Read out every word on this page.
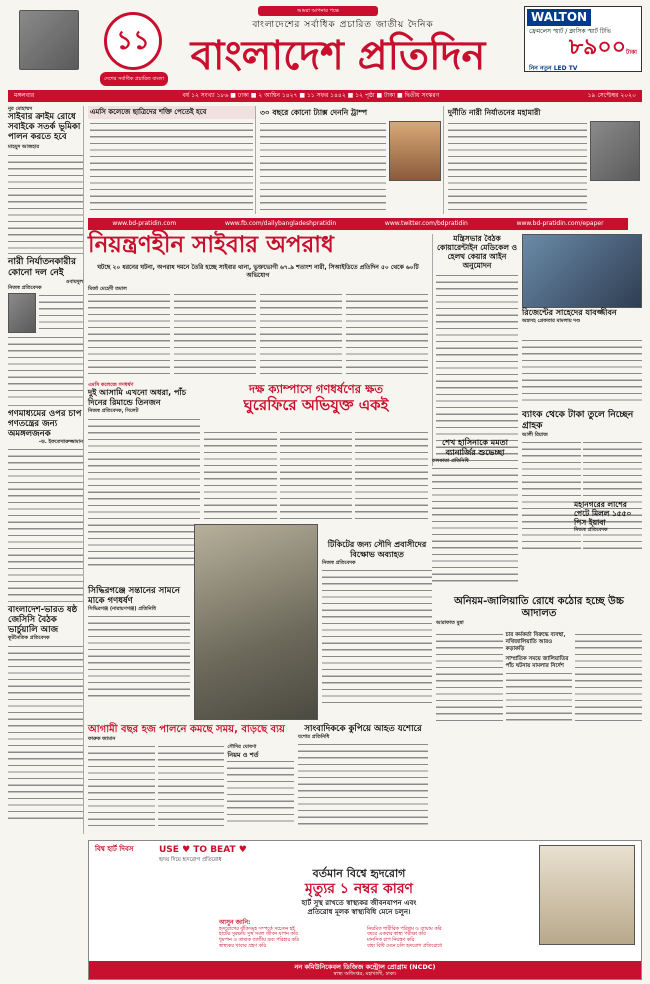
১১
দেশের সর্বাধিক প্রচারিত বাংলা
আমরা আপনার পক্ষে
বাংলাদেশের সর্বাধিক প্রচারিত জাতীয় দৈনিক
বাংলাদেশ প্রতিদিন
WALTON
ফ্রেমলেস স্মার্ট / ক্লাসিক স্মার্ট টিভি
৮৯০০টাকা
নিন নতুন LED TV
মঙ্গলবার	বর্ষ ১২ সংখ্যা ১৮৬ ■ ঢাকা ■ ২ আশ্বিন ১৪২৭ ■ ১১ সফর ১৪৪২ ■ ১২ পৃষ্ঠা ■ টাকা ■ দ্বিতীয় সংস্করণ	১৯ সেপ্টেম্বর ২০২০
নুর মোহাম্মদ
সাইবার ক্রাইম রোধে সবাইকে সতর্ক ভূমিকা পালন করতে হবে
মাহমুদ আজহার
নারী নির্যাতনকারীর কোনো দল নেই
ওবায়দুল
নিজস্ব প্রতিবেদক
গণমাধ্যমের ওপর চাপ গণতন্ত্রের জন্য অমঙ্গলজনক
–ড. ইফতেখারুজ্জামান
বাংলাদেশ-ভারত ষষ্ঠ জেসিসি বৈঠক ভার্চুয়ালি আজ
কূটনৈতিক প্রতিবেদক
এমসি কলেজে ছাত্রিদের শক্তি পেতেই হবে	৩০ বছরে কোনো ট্যাক্স দেননি ট্রাম্প	দুর্নীতি নারী নির্যাতনের মহামারী
www.bd-pratidin.com	www.fb.com/dailybangladeshpratidin	www.twitter.com/bdpratidin	www.bd-pratidin.com/epaper
নিয়ন্ত্রণহীন সাইবার অপরাধ
ঘটছে ২০ ধরনের ঘটনা, অপরাধ দমনে তৈরি হচ্ছে সাইবার থানা, ভুক্তভোগী ৬৭.৯ শতাংশ নারী, সিআইডিতে প্রতিদিন ৫০ থেকে ৬০টি অভিযোগ
মির্জা মেহেদী তমাল
মন্ত্রিসভার বৈঠক কোয়ারেন্টাইন মেডিকেল ও হেলথ কেয়ার আইন অনুমোদন
রিজেন্টের সাহেদের যাবজ্জীবন
অস্ত্রসহ গ্রেফতার মামলায় দণ্ড
ব্যাংক থেকে টাকা তুলে নিচ্ছেন গ্রাহক
আলী রিয়াজ
এমসি কলেজে গণধর্ষণ
দুই আসামি এখনো অধরা, পাঁচ দিনের রিমান্ডে তিনজন
নিজস্ব প্রতিবেদক, সিলেট
দক্ষ ক্যাম্পাসে গণধর্ষণের ক্ষত
ঘুরেফিরে অভিযুক্ত একই
শেখ হাসিনাকে মমতা ব্যানার্জির শুভেচ্ছা
কলকাতা প্রতিনিধি
সিদ্ধিরগঞ্জে সন্তানের সামনে মাকে গণধর্ষণ
সিদ্ধিরগঞ্জ (নারায়ণগঞ্জ) প্রতিনিধি
টিকিটের জন্য সৌদি প্রবাসীদের বিক্ষোভ অব্যাহত
নিজস্ব প্রতিবেদক
অনিয়ম-জালিয়াতি রোধে কঠোর হচ্ছে উচ্চ আদালত
আরাফাত মুন্না
চার কর্মকর্তা বিরুদ্ধে ব্যবস্থা, নথিজালিয়াতি আরও কড়াকড়ি
সাম্প্রতিক সময়ে জালিয়াতির পাঁচ ঘটনায় মামলার নির্দেশ
মহানগরের লাশের পেটে মিলল ১৫৫০ পিস ইয়াবা
নিজস্ব প্রতিবেদক
আগামী বছর হজ পালনে কমছে সময়, বাড়ছে ব্যয়
ফারুক জামান
সৌদির ঘোষণা
নিয়ম ও শর্ত
সাংবাদিককে কুপিয়ে আহত যশোরে
যশোর প্রতিনিধি
বিশ্ব হার্ট দিবস	USE ♥ TO BEAT ♥
হৃদয় দিয়ে হৃদরোগ প্রতিরোধ
বর্তমান বিশ্বে হৃদরোগ
মৃত্যুর ১ নম্বর কারণ
হার্ট সুস্থ রাখতে স্বাস্থ্যকর জীবনযাপন এবং
প্রতিরোধ মূলক স্বাস্থ্যবিধি মেনে চলুন।
আসুন জানি:
হৃদরোগের ঝুঁকিসমূহ সম্পর্কে সচেতন হই	নিয়মিত শারীরিক পরিশ্রম ও ব্যায়াম করি
হার্টের সুরক্ষায় সুস্থ সবল জীবন যাপন করি	বছরে একবার স্বাস্থ্য পরীক্ষা করি
ধূমপান ও তামাক জাতীয় দ্রব্য পরিহার করি	মানসিক চাপ নিয়ন্ত্রণ করি
স্বাস্থ্যকর খাবার গ্রহণ করি	বাহ্য বিধি মেনে চলি হৃদরোগ প্রতিরোধে
নন কমিউনিকেবল ডিজিজ কন্ট্রোল প্রোগ্রাম (NCDC)
স্বাস্থ্য অধিদপ্তর, মহাখালী, ঢাকা।
